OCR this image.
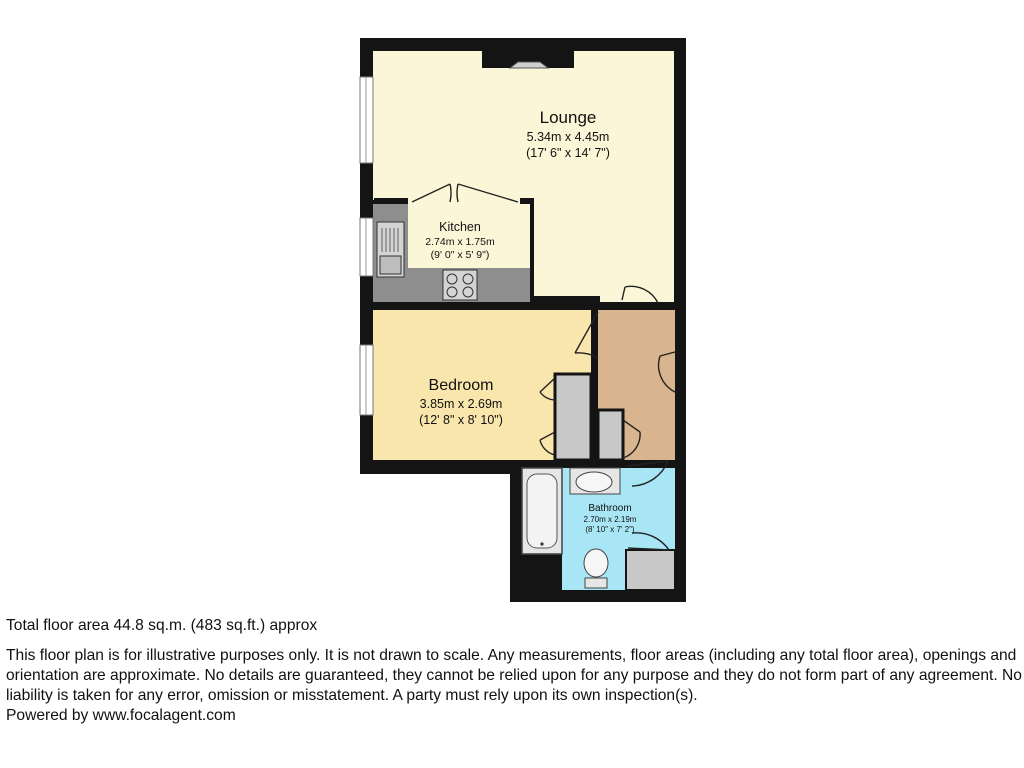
Lounge
5.34m x 4.45m
(17' 6" x 14' 7")
Kitchen
2.74m x 1.75m
(9' 0" x 5' 9")
Bedroom
3.85m x 2.69m
(12' 8" x 8' 10")
Bathroom
2.70m x 2.19m
(8' 10" x 7' 2")
Total floor area 44.8 sq.m. (483 sq.ft.) approx
This floor plan is for illustrative purposes only. It is not drawn to scale. Any measurements, floor areas (including any total floor area), openings and orientation are approximate. No details are guaranteed, they cannot be relied upon for any purpose and they do not form part of any agreement. No liability is taken for any error, omission or misstatement. A party must rely upon its own inspection(s).
Powered by www.focalagent.com
